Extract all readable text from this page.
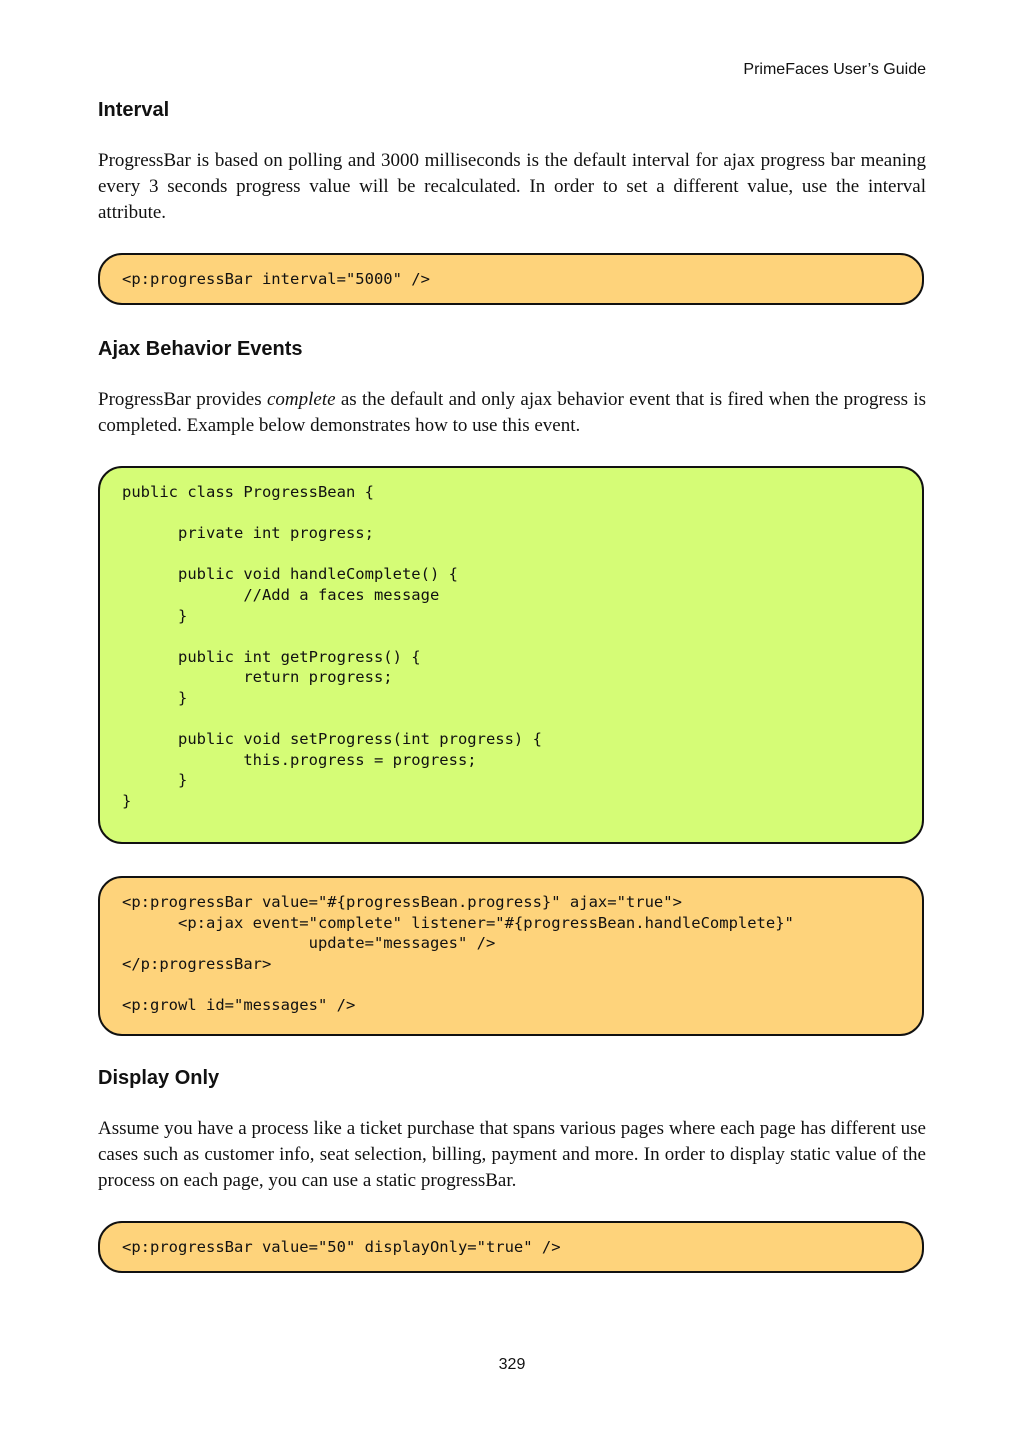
PrimeFaces User’s Guide
Interval

ProgressBar is based on polling and 3000 milliseconds is the default interval for ajax progress bar meaning every 3 seconds progress value will be recalculated. In order to set a different value, use the interval attribute.

<p:progressBar interval="5000" />
Ajax Behavior Events

ProgressBar provides complete as the default and only ajax behavior event that is fired when the progress is completed. Example below demonstrates how to use this event.

public class ProgressBean {

private int progress;

public void handleComplete() {
//Add a faces message
}

public int getProgress() {
return progress;
}

public void setProgress(int progress) {
this.progress = progress;
}
}
<p:progressBar value="#{progressBean.progress}" ajax="true">
<p:ajax event="complete" listener="#{progressBean.handleComplete}"
update="messages" />
</p:progressBar>

<p:growl id="messages" />
Display Only

Assume you have a process like a ticket purchase that spans various pages where each page has different use cases such as customer info, seat selection, billing, payment and more. In order to display static value of the process on each page, you can use a static progressBar.

<p:progressBar value="50" displayOnly="true" />
329
